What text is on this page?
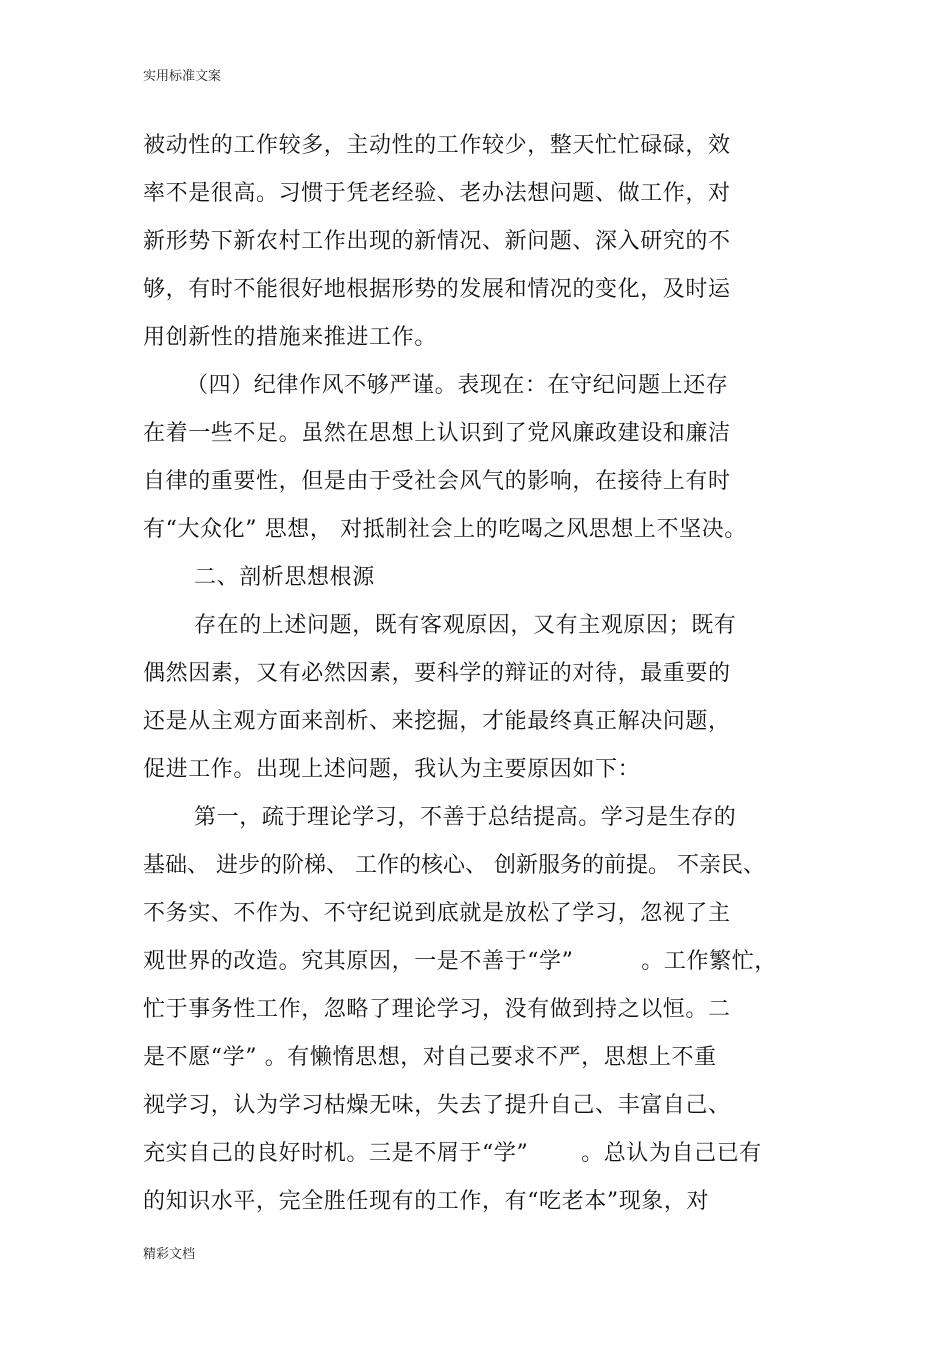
实用标准文案
被动性的工作较多，主动性的工作较少，整天忙忙碌碌，效
率不是很高。习惯于凭老经验、老办法想问题、做工作，对
新形势下新农村工作出现的新情况、新问题、深入研究的不
够，有时不能很好地根据形势的发展和情况的变化，及时运
用创新性的措施来推进工作。
（四）纪律作风不够严谨。表现在：在守纪问题上还存
在着一些不足。虽然在思想上认识到了党风廉政建设和廉洁
自律的重要性，但是由于受社会风气的影响，在接待上有时
有“大众化” 思想， 对抵制社会上的吃喝之风思想上不坚决。
二、剖析思想根源
存在的上述问题，既有客观原因，又有主观原因；既有
偶然因素，又有必然因素，要科学的辩证的对待，最重要的
还是从主观方面来剖析、来挖掘，才能最终真正解决问题，
促进工作。出现上述问题，我认为主要原因如下：
第一，疏于理论学习，不善于总结提高。学习是生存的
基础、 进步的阶梯、 工作的核心、 创新服务的前提。 不亲民、
不务实、不作为、不守纪说到底就是放松了学习，忽视了主
观世界的改造。究其原因，一是不善于“学”　　　。工作繁忙，
忙于事务性工作，忽略了理论学习，没有做到持之以恒。二
是不愿“学” 。有懒惰思想，对自己要求不严，思想上不重
视学习，认为学习枯燥无味，失去了提升自己、丰富自己、
充实自己的良好时机。三是不屑于“学”　　 。总认为自己已有
的知识水平，完全胜任现有的工作，有“吃老本”现象，对
精彩文档
